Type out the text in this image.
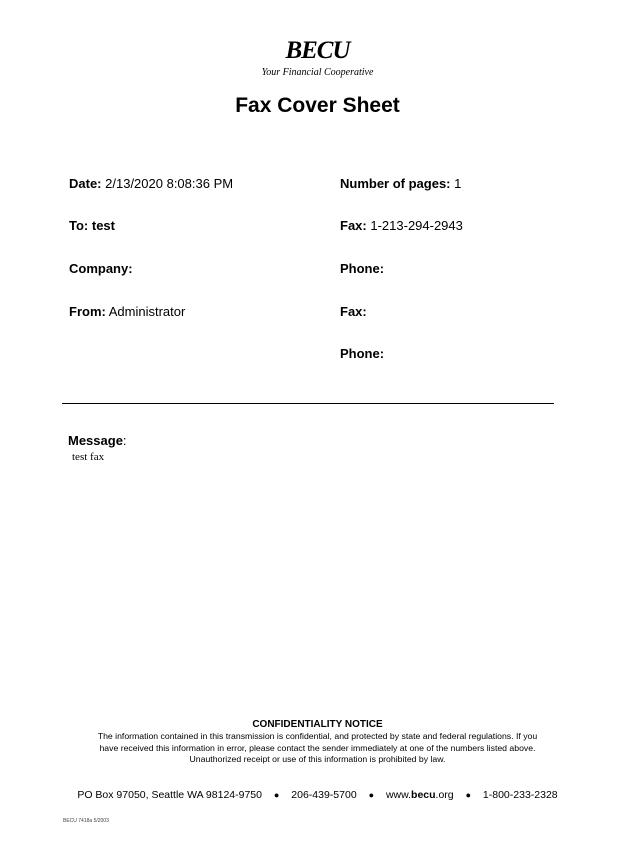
BECU
Your Financial Cooperative
Fax Cover Sheet
Date: 2/13/2020 8:08:36 PM
To: test
Company:
From: Administrator
Number of pages: 1
Fax: 1-213-294-2943
Phone:
Fax:
Phone:
Message:
test fax
CONFIDENTIALITY NOTICE
The information contained in this transmission is confidential, and protected by state and federal regulations. If you
have received this information in error, please contact the sender immediately at one of the numbers listed above.
Unauthorized receipt or use of this information is prohibited by law.
PO Box 97050, Seattle WA 98124-9750 ● 206-439-5700 ● www.becu.org ● 1-800-233-2328
BECU 7418a 5/2003
